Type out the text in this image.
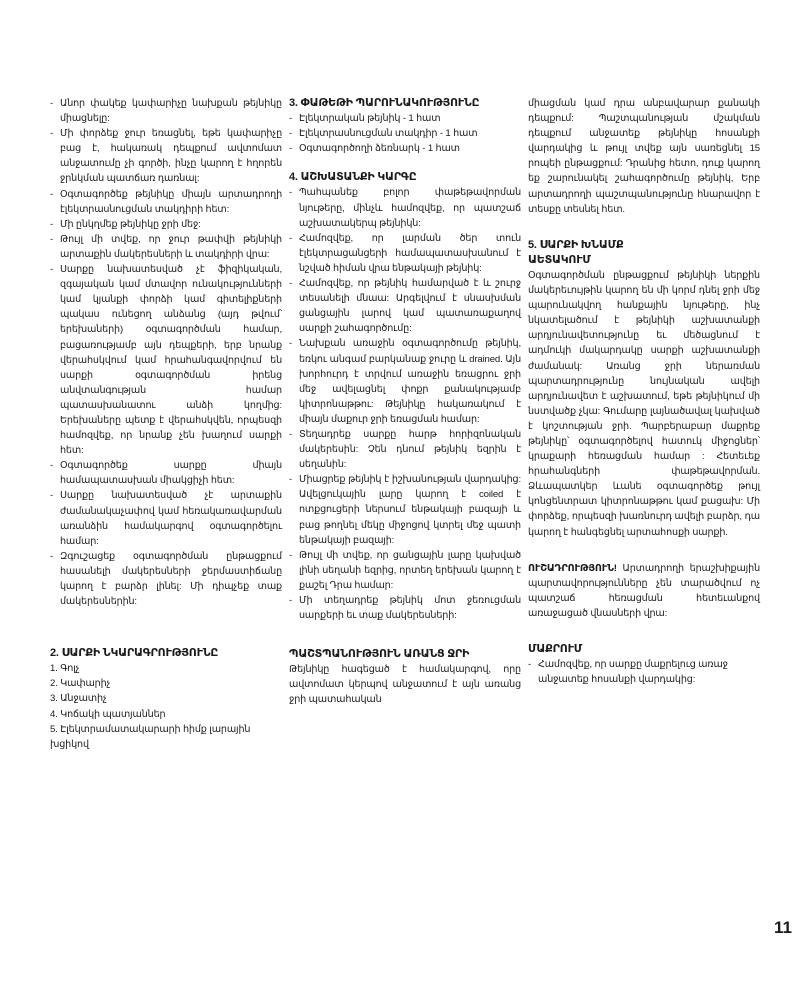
- Անոր փակեք կափարիչը նախքան թեյնիկը միացնելը:
- Մի փորձեք ջուր եռացնել, եթե կափարիչը բաց է, հակառակ դեպքում ավտոմատ անջատումը չի գործի, ինչը կարող է հղորեն ջրնկման պատճառ դառնալ:
- Օգտագործեք թեյնիկը միայն արտադրողի էլեկտրասնուցման տակդիրի հետ:
- Մի ընկղմեք թեյնիկը ջրի մեջ:
- Թույլ մի տվեք, որ ջուր թափվի թեյնիկի արտաքին մակերեսների և տակդիրի վրա:
- Սարքը նախատեսված չէ ֆիզիկական, զգայական կամ մտավոր ունակությունների կամ կյանքի փորձի կամ գիտելիքների պակաս ունեցող անձանց (այդ թվում՝ երեխաների) օգտագործման համար, բացառությամբ այն դեպքերի, երբ նրանք վերահսկվում կամ հրահանգավորվում են սարքի օգտագործման իրենց անվտանգության համար պատասխանատու անձի կողմից: Երեխաները պետք է վերահսկվեն, որպեսզի համոզվեք, որ նրանք չեն խաղում սարքի հետ:
- Օգտագործեք սարքը միայն համապատասխան միակցիչի հետ:
- Սարքը նախատեսված չէ արտաքին ժամանակաչափով կամ հեռակառավարման առանձին համակարգով օգտագործելու համար:
- Զգուշացեք օգտագործման ընթացքում հասանելի մակերեսների ջերմաստիճանը կարող է բարձր լինել: Մի դիպչեք տաք մակերեսներին:
2. ՍԱՐՔԻ ՆԿԱՐԱԳՐՈՒԹՅՈՒՆԸ
1. Գոլչ
2. Կափարիչ
3. Անջատիչ
4. Կոճակի պատյաններ
5. Էլեկտրամատակարարի հիմք լարային խցիկով
3. ՓԱԹԵԹԻ ՊԱՐՈՒՆԱԿՈՒԹՅՈՒՆԸ
- Էլեկտրական թեյնիկ - 1 հատ
- Էլեկտրասնուցման տակդիր - 1 հատ
- Օգտագործողի ձեռնարկ - 1 հատ
4. ԱՇԽԱՏԱՆՔԻ ԿԱՐԳԸ
- Պահպանեք բոլոր փաթեթավորման նյութերը, մինչև համոզվեք, որ պատշաճ աշխատակերպ թեյնիկն:
- Համոզվեք, որ լարման ծեր տուն էլեկտրացանցերի համապատասխանում է նշված հիման վրա ենթակայի թեյնիկ:
- Համոզվեք, որ թեյնիկ համարված է և շուրջ տեսանելի մնաա: Արգելվում է սնասխման ցանցային լարով կամ պատառաքաղով սարքի շահագործումը:
- Նախքան առաջին օգտագործումը թեյնիկ, եռկու անգամ բարկանաք ջուրը և drained. Այն խորհուրդ է տրվում առաջին եռացրու ջրի մեջ ավելացնել փոքր քանակությամբ կիտրոնաթթու: Թեյնիկը հակառակում է միայն մաքուր ջրի եռացման համար:
- Տեղադրեք սարքը հարթ հորիզոնական մակերեսին: Չեն դնում թեյնիկ եզրին է սեղանին:
- Միացրեք թեյնիկ է իշխանության վարդակից: Ավելցուկային լարը կարող է coiled է ոտքցուցերի ներսում ենթակայի բազայի և բաց թողնել մեկը միջոցով կտրել մեջ պատի ենթակայի բազայի:
- Թույլ մի տվեք, որ ցանցային լարը կախված լինի սեղանի եզրից, որտեղ երեխան կարող է քաշել Դրա համար:
- Մի տեղադրեք թեյնիկ մոտ ջեռուցման սարքերի եւ տաք մակերեսների:
ՊԱՇՏՊԱՆՈՒԹՅՈՒՆ ԱՌԱՆՑ ՋՐԻ

Թեյնիկը հագեցած է համակարգով, որը ավտոմատ կերպով անջատում է այն առանց ջրի պատահական

միացման կամ դրա անբավարար քանակի դեպքում: Պաշտպանության մշակման դեպքում անջատեք թեյնիկը հոսանքի վարդակից և թույլ տվեք այն սառեցնել 15 րոպեի ընթացքում: Դրանից հետո, դուք կարող եք շարունակել շահագործումը թեյնիկ, Երբ արտադրողի պաշտպանությունը հնարավոր է տեսքը տեսնել հետ.

5. ՍԱՐՔԻ ԽՆԱՄՔ
ԱԵՏԱԿՈՒՄ

Օգտագործման ընթացքում թեյնիկի ներքին մակերեւույթին կարող են մի կորմ դնել ջրի մեջ պարունակվող հանքային նյութերը, ինչ նկատելածում է թեյնիկի աշխատանքի արդյունավետությունը եւ մեծացնում է ադմուկի մակարդակը սարքի աշխատանքի ժամանակ: Առանց ջրի ներառման պարտադրությունը նույնական ավելի արդյունավետ է աշխատում, եթե թեյնիկում մի նստվածք չկա: Գումարը լայնածավալ կախված է կոշտության ջրի. Պարբերաբար մաքրեք թեյնիկը՝ օգտագործելով հատուկ միջոցներ՝ կրաքարի հեռացման համար : Հետեւեք հրահանգների փաթեթավորման. Ձևապատկեր ևանե օգտագործեք թույլ կոնցենտրատ կիտրոնաթթու կամ քացախ: Մի փորձեք, որպեսզի խառնուրդ ավելի բարձր, դա կարող է հանգեցնել արտահոսքի սարքի.

ՈՒՇԱԴՐՈՒԹՅՈՒՆ! Արտադրողի երաշխիքային պարտավորությունները չեն տարածվում ոչ պատշաճ հեռացման հետեւանքով առաջացած վնասների վրա:

ՄԱՔՐՈՒՄ
- Համոզվեք, որ սարքը մաքրելուց առաջ անջատեք հոսանքի վարդակից:
11
